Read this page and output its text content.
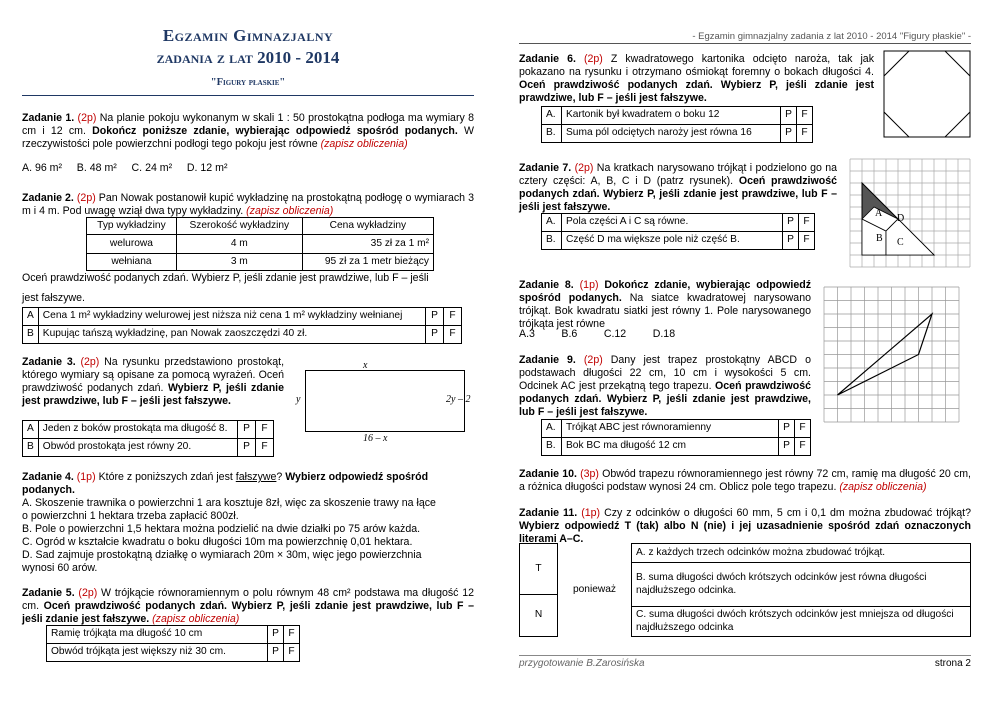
Egzamin Gimnazjalny
zadania z lat 2010 - 2014
"Figury płaskie"
Zadanie 1. (2p) Na planie pokoju wykonanym w skali 1 : 50 prostokątna podłoga ma wymiary 8 cm i 12 cm. Dokończ poniższe zdanie, wybierając odpowiedź spośród podanych. W rzeczywistości pole powierzchni podłogi tego pokoju jest równe (zapisz obliczenia)
A. 96 m² B. 48 m² C. 24 m² D. 12 m²
Zadanie 2. (2p) Pan Nowak postanowił kupić wykładzinę na prostokątną podłogę o wymiarach 3 m i 4 m. Pod uwagę wziął dwa typy wykładziny. (zapisz obliczenia)
Typ wykładziny	Szerokość wykładziny	Cena wykładziny
welurowa	4 m	35 zł za 1 m²
wełniana	3 m	95 zł za 1 metr bieżący
Oceń prawdziwość podanych zdań. Wybierz P, jeśli zdanie jest prawdziwe, lub F – jeśli
jest fałszywe.
A	Cena 1 m² wykładziny welurowej jest niższa niż cena 1 m² wykładziny wełnianej	P	F
B	Kupując tańszą wykładzinę, pan Nowak zaoszczędzi 40 zł.	P	F
Zadanie 3. (2p) Na rysunku przedstawiono prostokąt, którego wymiary są opisane za pomocą wyrażeń. Oceń prawdziwość podanych zdań. Wybierz P, jeśli zdanie jest prawdziwe, lub F – jeśli jest fałszywe.
A	Jeden z boków prostokąta ma długość 8.	P	F
B	Obwód prostokąta jest równy 20.	P	F
x
y	2y – 2
16 – x
Zadanie 4. (1p) Które z poniższych zdań jest fałszywe? Wybierz odpowiedź spośród podanych.
A. Skoszenie trawnika o powierzchni 1 ara kosztuje 8zł, więc za skoszenie trawy na łące
o powierzchni 1 hektara trzeba zapłacić 800zł.
B. Pole o powierzchni 1,5 hektara można podzielić na dwie działki po 75 arów każda.
C. Ogród w kształcie kwadratu o boku długości 10m ma powierzchnię 0,01 hektara.
D. Sad zajmuje prostokątną działkę o wymiarach 20m × 30m, więc jego powierzchnia
wynosi 60 arów.
Zadanie 5. (2p) W trójkącie równoramiennym o polu równym 48 cm² podstawa ma długość 12 cm. Oceń prawdziwość podanych zdań. Wybierz P, jeśli zdanie jest prawdziwe, lub F – jeśli zdanie jest fałszywe. (zapisz obliczenia)
Ramię trójkąta ma długość 10 cm	P	F
Obwód trójkąta jest większy niż 30 cm.	P	F
- Egzamin gimnazjalny zadania z lat 2010 - 2014 "Figury płaskie" -
Zadanie 6. (2p) Z kwadratowego kartonika odcięto naroża, tak jak pokazano na rysunku i otrzymano ośmiokąt foremny o bokach długości 4. Oceń prawdziwość podanych zdań. Wybierz P, jeśli zdanie jest prawdziwe, lub F – jeśli jest fałszywe.
A.	Kartonik był kwadratem o boku 12	P	F
B.	Suma pól odciętych naroży jest równa 16	P	F
Zadanie 7. (2p) Na kratkach narysowano trójkąt i podzielono go na cztery części: A, B, C i D (patrz rysunek). Oceń prawdziwość podanych zdań. Wybierz P, jeśli zdanie jest prawdziwe, lub F – jeśli jest fałszywe.
A.	Pola części A i C są równe.	P	F
B.	Część D ma większe pole niż część B.	P	F
A D
B C
Zadanie 8. (1p) Dokończ zdanie, wybierając odpowiedź spośród podanych. Na siatce kwadratowej narysowano trójkąt. Bok kwadratu siatki jest równy 1. Pole narysowanego trójkąta jest równe
A.3	B.6	C.12	D.18
Zadanie 9. (2p) Dany jest trapez prostokątny ABCD o podstawach długości 22 cm, 10 cm i wysokości 5 cm. Odcinek AC jest przekątną tego trapezu. Oceń prawdziwość podanych zdań. Wybierz P, jeśli zdanie jest prawdziwe, lub F – jeśli jest fałszywe.
A.	Trójkąt ABC jest równoramienny	P	F
B.	Bok BC ma długość 12 cm	P	F
Zadanie 10. (3p) Obwód trapezu równoramiennego jest równy 72 cm, ramię ma długość 20 cm, a różnica długości podstaw wynosi 24 cm. Oblicz pole tego trapezu. (zapisz obliczenia)
Zadanie 11. (1p) Czy z odcinków o długości 60 mm, 5 cm i 0,1 dm można zbudować trójkąt? Wybierz odpowiedź T (tak) albo N (nie) i jej uzasadnienie spośród zdań oznaczonych literami A–C.
T	ponieważ	A. z każdych trzech odcinków można zbudować trójkąt.
B. suma długości dwóch krótszych odcinków jest równa długości najdłuższego odcinka.
N
C. suma długości dwóch krótszych odcinków jest mniejsza od długości najdłuższego odcinka
przygotowanie B.Zarosińska	strona 2
